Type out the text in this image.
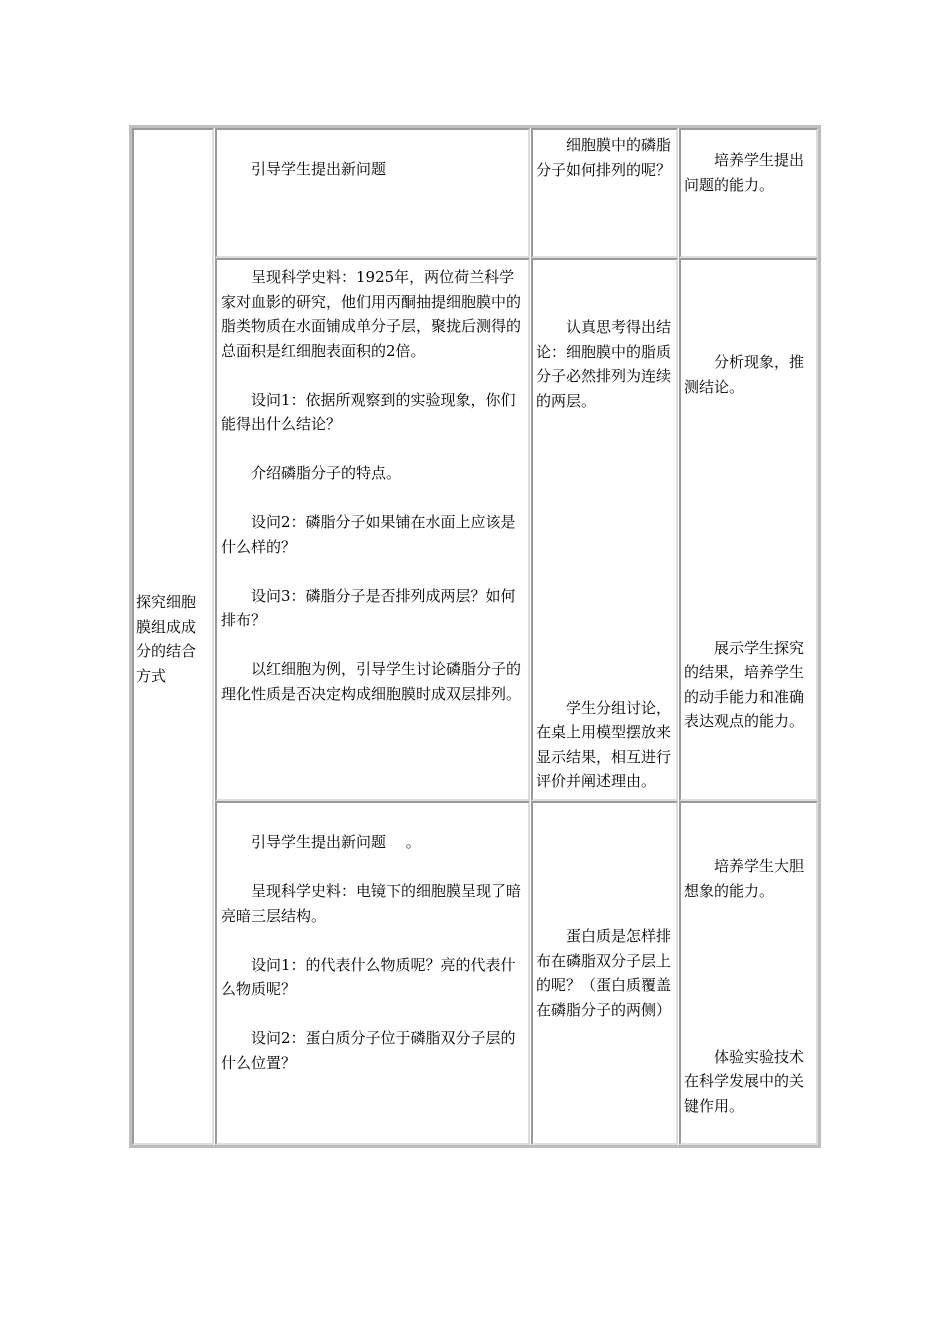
探究细胞膜组成成分的结合方式
引导学生提出新问题
细胞膜中的磷脂分子如何排列的呢？
培养学生提出问题的能力。

呈现科学史料：1925年，两位荷兰科学家对血影的研究，他们用丙酮抽提细胞膜中的脂类物质在水面铺成单分子层，聚拢后测得的总面积是红细胞表面积的2倍。

设问1：依据所观察到的实验现象，你们能得出什么结论？

介绍磷脂分子的特点。

设问2：磷脂分子如果铺在水面上应该是什么样的？

设问3：磷脂分子是否排列成两层？如何排布？

以红细胞为例，引导学生讨论磷脂分子的理化性质是否决定构成细胞膜时成双层排列。

认真思考得出结论：细胞膜中的脂质分子必然排列为连续的两层。
学生分组讨论，在桌上用模型摆放来显示结果，相互进行评价并阐述理由。
分析现象，推测结论。
展示学生探究的结果，培养学生的动手能力和准确表达观点的能力。

引导学生提出新问题　 。

呈现科学史料：电镜下的细胞膜呈现了暗亮暗三层结构。

设问1：的代表什么物质呢？亮的代表什么物质呢？

设问2：蛋白质分子位于磷脂双分子层的什么位置？

蛋白质是怎样排布在磷脂双分子层上的呢？（蛋白质覆盖在磷脂分子的两侧）
培养学生大胆想象的能力。
体验实验技术在科学发展中的关键作用。
